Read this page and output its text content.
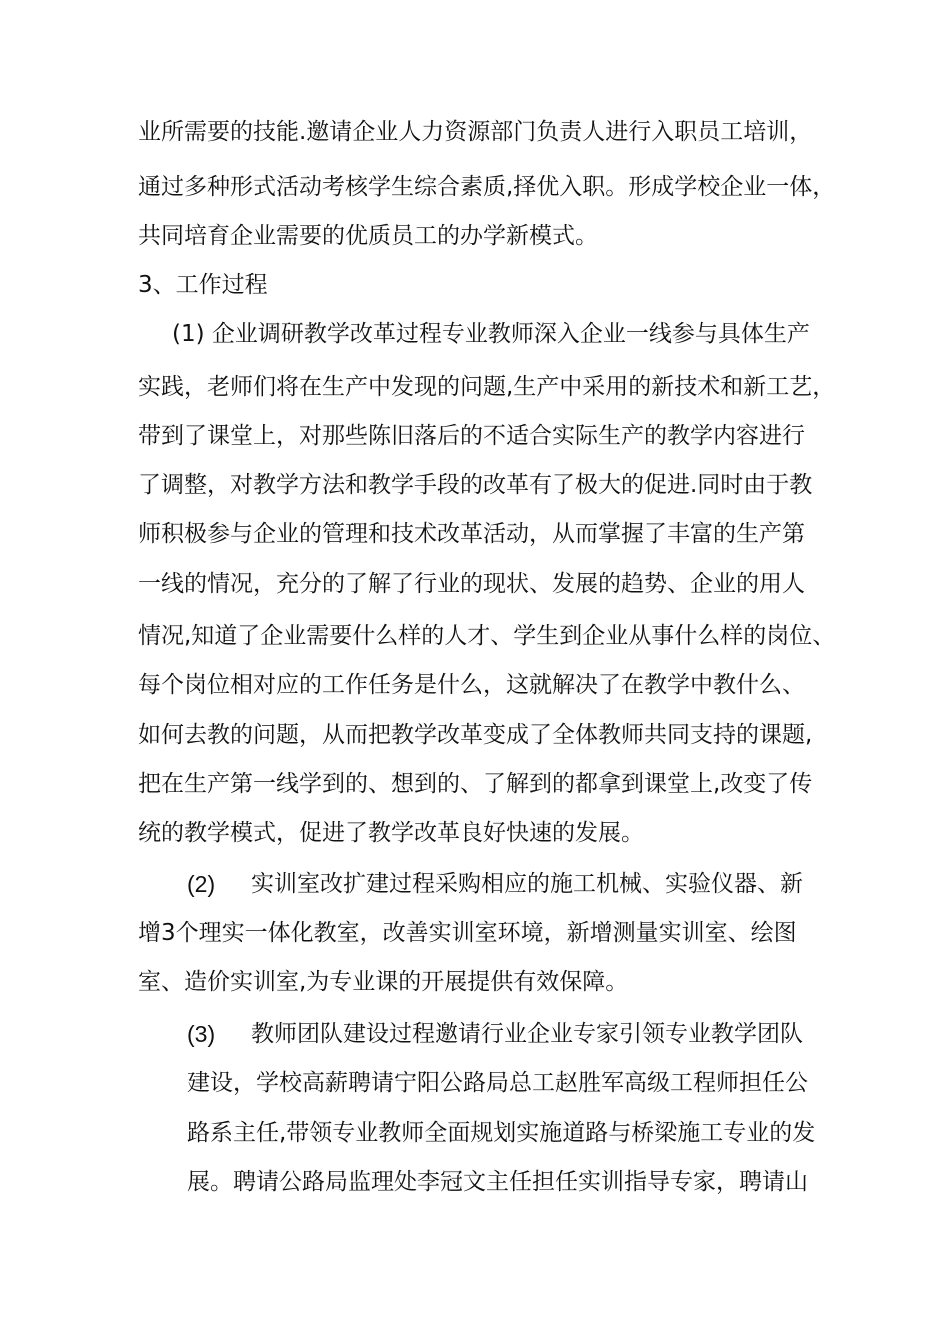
业所需要的技能.邀请企业人力资源部门负责人进行入职员工培训，
通过多种形式活动考核学生综合素质,择优入职。形成学校企业一体，
共同培育企业需要的优质员工的办学新模式。
3、工作过程
(1) 企业调研教学改革过程专业教师深入企业一线参与具体生产
实践，老师们将在生产中发现的问题,生产中采用的新技术和新工艺，
带到了课堂上，对那些陈旧落后的不适合实际生产的教学内容进行
了调整，对教学方法和教学手段的改革有了极大的促进.同时由于教
师积极参与企业的管理和技术改革活动，从而掌握了丰富的生产第
一线的情况，充分的了解了行业的现状、发展的趋势、企业的用人
情况,知道了企业需要什么样的人才、学生到企业从事什么样的岗位、
每个岗位相对应的工作任务是什么，这就解决了在教学中教什么、
如何去教的问题，从而把教学改革变成了全体教师共同支持的课题,
把在生产第一线学到的、想到的、了解到的都拿到课堂上,改变了传
统的教学模式，促进了教学改革良好快速的发展。
(2) 实训室改扩建过程采购相应的施工机械、实验仪器、新
增3个理实一体化教室，改善实训室环境，新增测量实训室、绘图
室、造价实训室,为专业课的开展提供有效保障。
(3) 教师团队建设过程邀请行业企业专家引领专业教学团队
建设，学校高薪聘请宁阳公路局总工赵胜军高级工程师担任公
路系主任,带领专业教师全面规划实施道路与桥梁施工专业的发
展。聘请公路局监理处李冠文主任担任实训指导专家，聘请山
